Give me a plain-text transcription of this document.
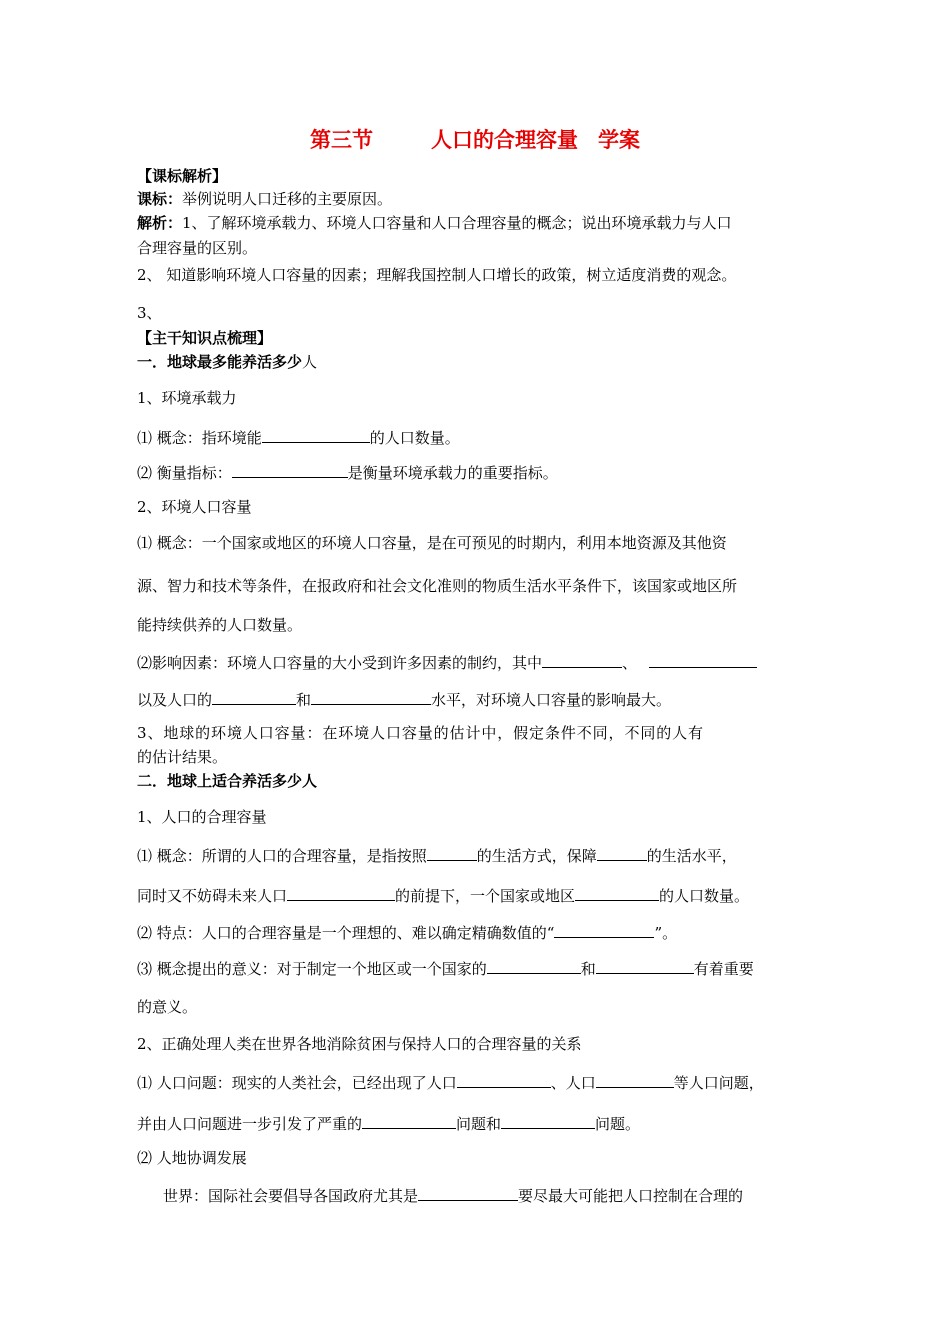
第三节	人口的合理容量 学案
【课标解析】
课标：举例说明人口迁移的主要原因。
解析：1、了解环境承载力、环境人口容量和人口合理容量的概念；说出环境承载力与人口
合理容量的区别。
2、 知道影响环境人口容量的因素；理解我国控制人口增长的政策，树立适度消费的观念。
3、
【主干知识点梳理】
一．地球最多能养活多少人
1、环境承载力
⑴ 概念：指环境能	的人口数量。
⑵ 衡量指标：	是衡量环境承载力的重要指标。
2、环境人口容量
⑴ 概念：一个国家或地区的环境人口容量，是在可预见的时期内，利用本地资源及其他资
源、智力和技术等条件，在报政府和社会文化准则的物质生活水平条件下，该国家或地区所
能持续供养的人口数量。
⑵影响因素：环境人口容量的大小受到许多因素的制约，其中	、
以及人口的	和	水平，对环境人口容量的影响最大。
3、地球的环境人口容量：在环境人口容量的估计中，假定条件不同，不同的人有
的估计结果。
二．地球上适合养活多少人
1、人口的合理容量
⑴ 概念：所谓的人口的合理容量，是指按照	的生活方式，保障	的生活水平，
同时又不妨碍未来人口	的前提下，一个国家或地区	的人口数量。
⑵ 特点：人口的合理容量是一个理想的、难以确定精确数值的“	”。
⑶ 概念提出的意义：对于制定一个地区或一个国家的	和	有着重要
的意义。
2、正确处理人类在世界各地消除贫困与保持人口的合理容量的关系
⑴ 人口问题：现实的人类社会，已经出现了人口	、人口	等人口问题，
并由人口问题进一步引发了严重的	问题和	问题。
⑵ 人地协调发展
世界：国际社会要倡导各国政府尤其是	要尽最大可能把人口控制在合理的
